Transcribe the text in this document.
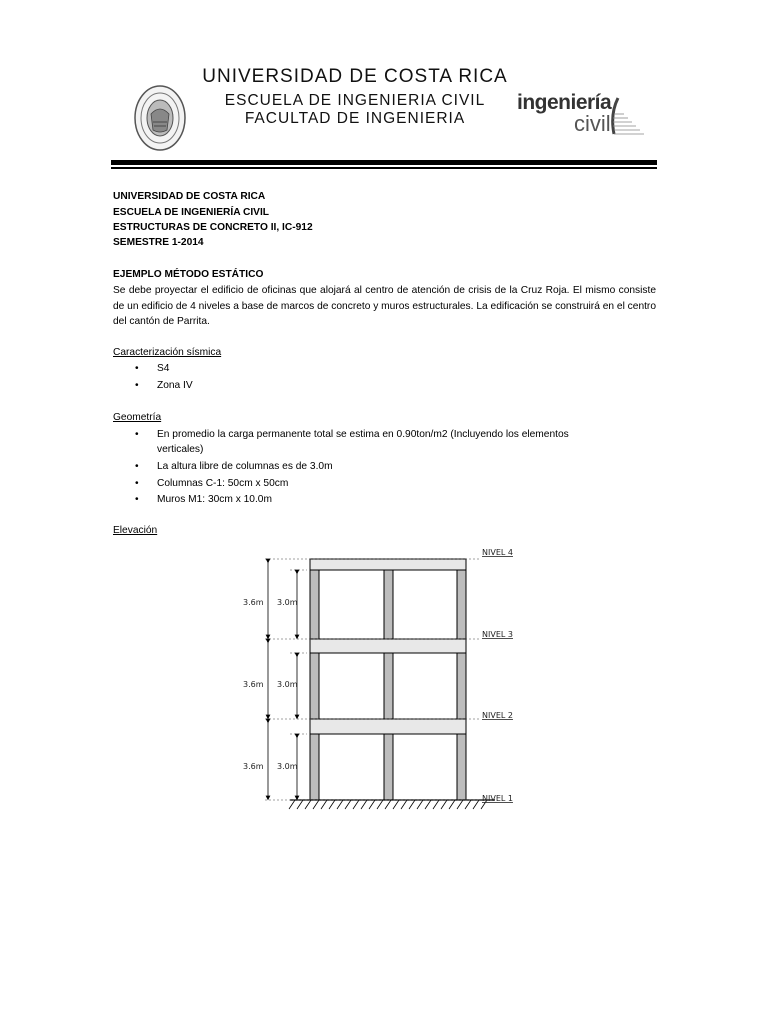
UNIVERSIDAD DE COSTA RICA
ESCUELA DE INGENIERIA CIVIL
FACULTAD DE INGENIERIA
ingeniería
civil
UNIVERSIDAD DE COSTA RICA
ESCUELA DE INGENIERÍA CIVIL
ESTRUCTURAS DE CONCRETO II, IC-912
SEMESTRE 1-2014
EJEMPLO MÉTODO ESTÁTICO
Se debe proyectar el edificio de oficinas que alojará al centro de atención de crisis de la Cruz Roja. El mismo consiste de un edificio de 4 niveles a base de marcos de concreto y muros estructurales. La edificación se construirá en el centro del cantón de Parrita.
Caracterización sísmica
•	S4
•	Zona IV
Geometría
•	En promedio la carga permanente total se estima en 0.90ton/m2 (Incluyendo los elementos
verticales)
•	La altura libre de columnas es de 3.0m
•	Columnas C-1: 50cm x 50cm
•	Muros M1: 30cm x 10.0m
Elevación
3.6m
3.6m
3.6m
3.0m
3.0m
3.0m
NIVEL 4
NIVEL 3
NIVEL 2
NIVEL 1
